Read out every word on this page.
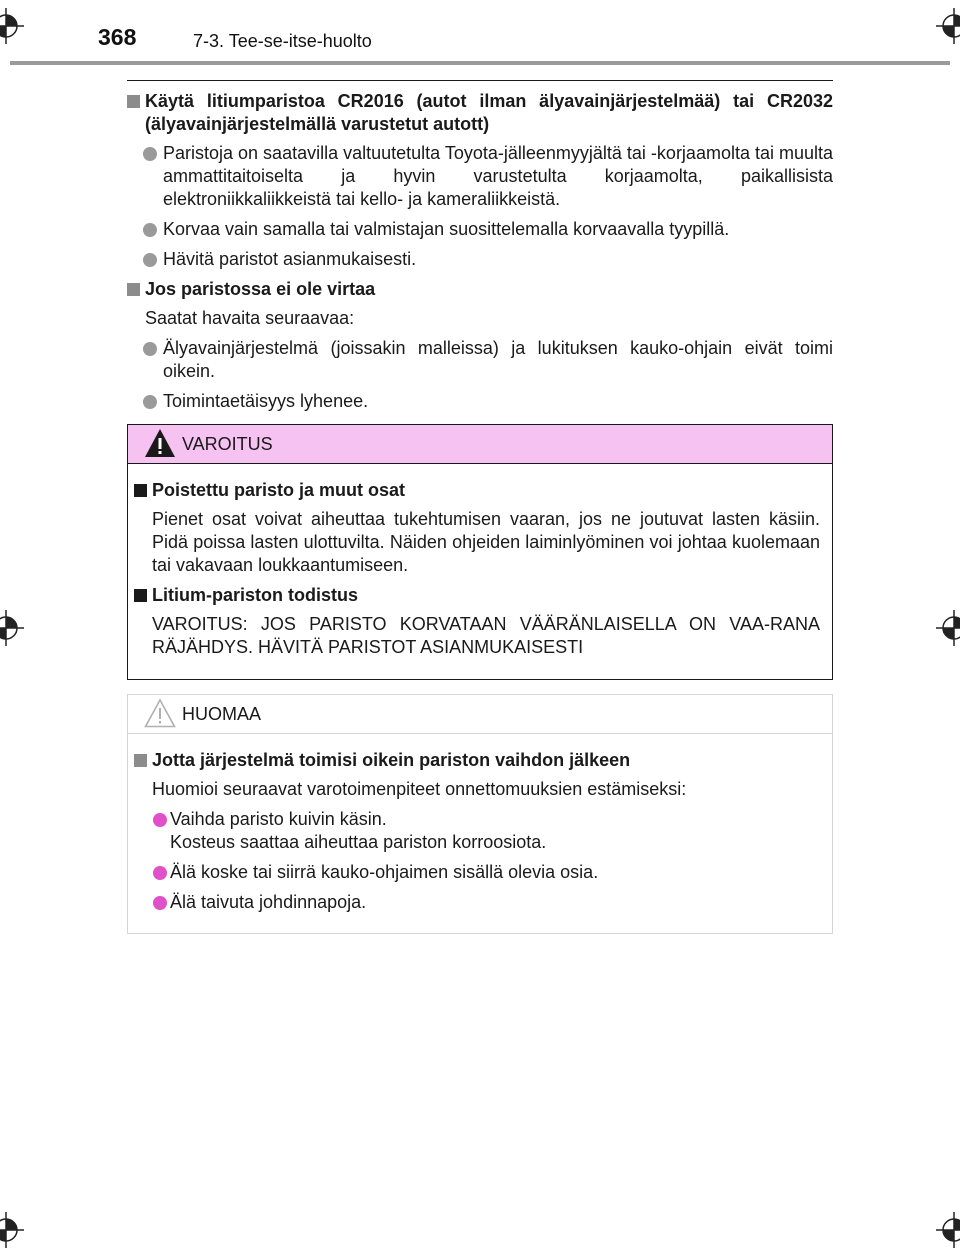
368	7-3. Tee-se-itse-huolto
Käytä litiumparistoa CR2016 (autot ilman älyavainjärjestelmää) tai CR2032 (älyavainjärjestelmällä varustetut autott)
Paristoja on saatavilla valtuutetulta Toyota-jälleenmyyjältä tai -korjaamolta tai muulta ammattitaitoiselta ja hyvin varustetulta korjaamolta, paikallisista elektroniikkaliikkeistä tai kello- ja kameraliikkeistä.
Korvaa vain samalla tai valmistajan suosittelemalla korvaavalla tyypillä.
Hävitä paristot asianmukaisesti.
Jos paristossa ei ole virtaa
Saatat havaita seuraavaa:
Älyavainjärjestelmä (joissakin malleissa) ja lukituksen kauko-ohjain eivät toimi oikein.
Toimintaetäisyys lyhenee.
VAROITUS
Poistettu paristo ja muut osat
Pienet osat voivat aiheuttaa tukehtumisen vaaran, jos ne joutuvat lasten käsiin. Pidä poissa lasten ulottuvilta. Näiden ohjeiden laiminlyöminen voi johtaa kuolemaan tai vakavaan loukkaantumiseen.
Litium-pariston todistus
VAROITUS: JOS PARISTO KORVATAAN VÄÄRÄNLAISELLA ON VAA-RANA RÄJÄHDYS. HÄVITÄ PARISTOT ASIANMUKAISESTI
HUOMAA
Jotta järjestelmä toimisi oikein pariston vaihdon jälkeen
Huomioi seuraavat varotoimenpiteet onnettomuuksien estämiseksi:
Vaihda paristo kuivin käsin.
Kosteus saattaa aiheuttaa pariston korroosiota.
Älä koske tai siirrä kauko-ohjaimen sisällä olevia osia.
Älä taivuta johdinnapoja.
